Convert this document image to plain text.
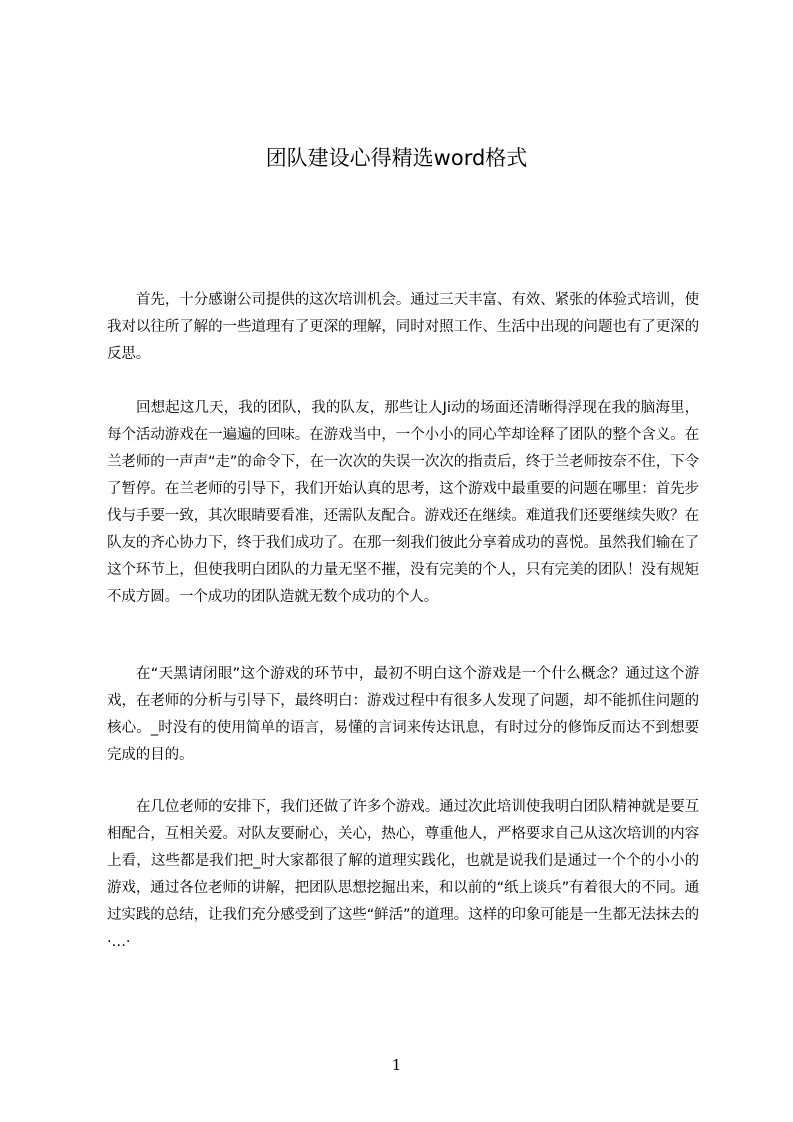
团队建设心得精选word格式

首先，十分感谢公司提供的这次培训机会。通过三天丰富、有效、紧张的体验式培训，使我对以往所了解的一些道理有了更深的理解，同时对照工作、生活中出现的问题也有了更深的反思。

回想起这几天，我的团队，我的队友，那些让人Ji动的场面还清晰得浮现在我的脑海里，每个活动游戏在一遍遍的回味。在游戏当中，一个小小的同心竿却诠释了团队的整个含义。在兰老师的一声声“走”的命令下，在一次次的失误一次次的指责后，终于兰老师按奈不住，下令了暂停。在兰老师的引导下，我们开始认真的思考，这个游戏中最重要的问题在哪里：首先步伐与手要一致，其次眼睛要看准，还需队友配合。游戏还在继续。难道我们还要继续失败？在队友的齐心协力下，终于我们成功了。在那一刻我们彼此分享着成功的喜悦。虽然我们输在了这个环节上，但使我明白团队的力量无坚不摧，没有完美的个人，只有完美的团队！没有规矩不成方圆。一个成功的团队造就无数个成功的个人。

在“天黑请闭眼”这个游戏的环节中，最初不明白这个游戏是一个什么概念？通过这个游戏，在老师的分析与引导下，最终明白：游戏过程中有很多人发现了问题，却不能抓住问题的核心。_时没有的使用简单的语言，易懂的言词来传达讯息，有时过分的修饰反而达不到想要完成的目的。

在几位老师的安排下，我们还做了许多个游戏。通过次此培训使我明白团队精神就是要互相配合，互相关爱。对队友要耐心，关心，热心，尊重他人，严格要求自己从这次培训的内容上看，这些都是我们把_时大家都很了解的道理实践化，也就是说我们是通过一个个的小小的游戏，通过各位老师的讲解，把团队思想挖掘出来，和以前的“纸上谈兵”有着很大的不同。通过实践的总结，让我们充分感受到了这些“鲜活”的道理。这样的印象可能是一生都无法抹去的·…·

1
